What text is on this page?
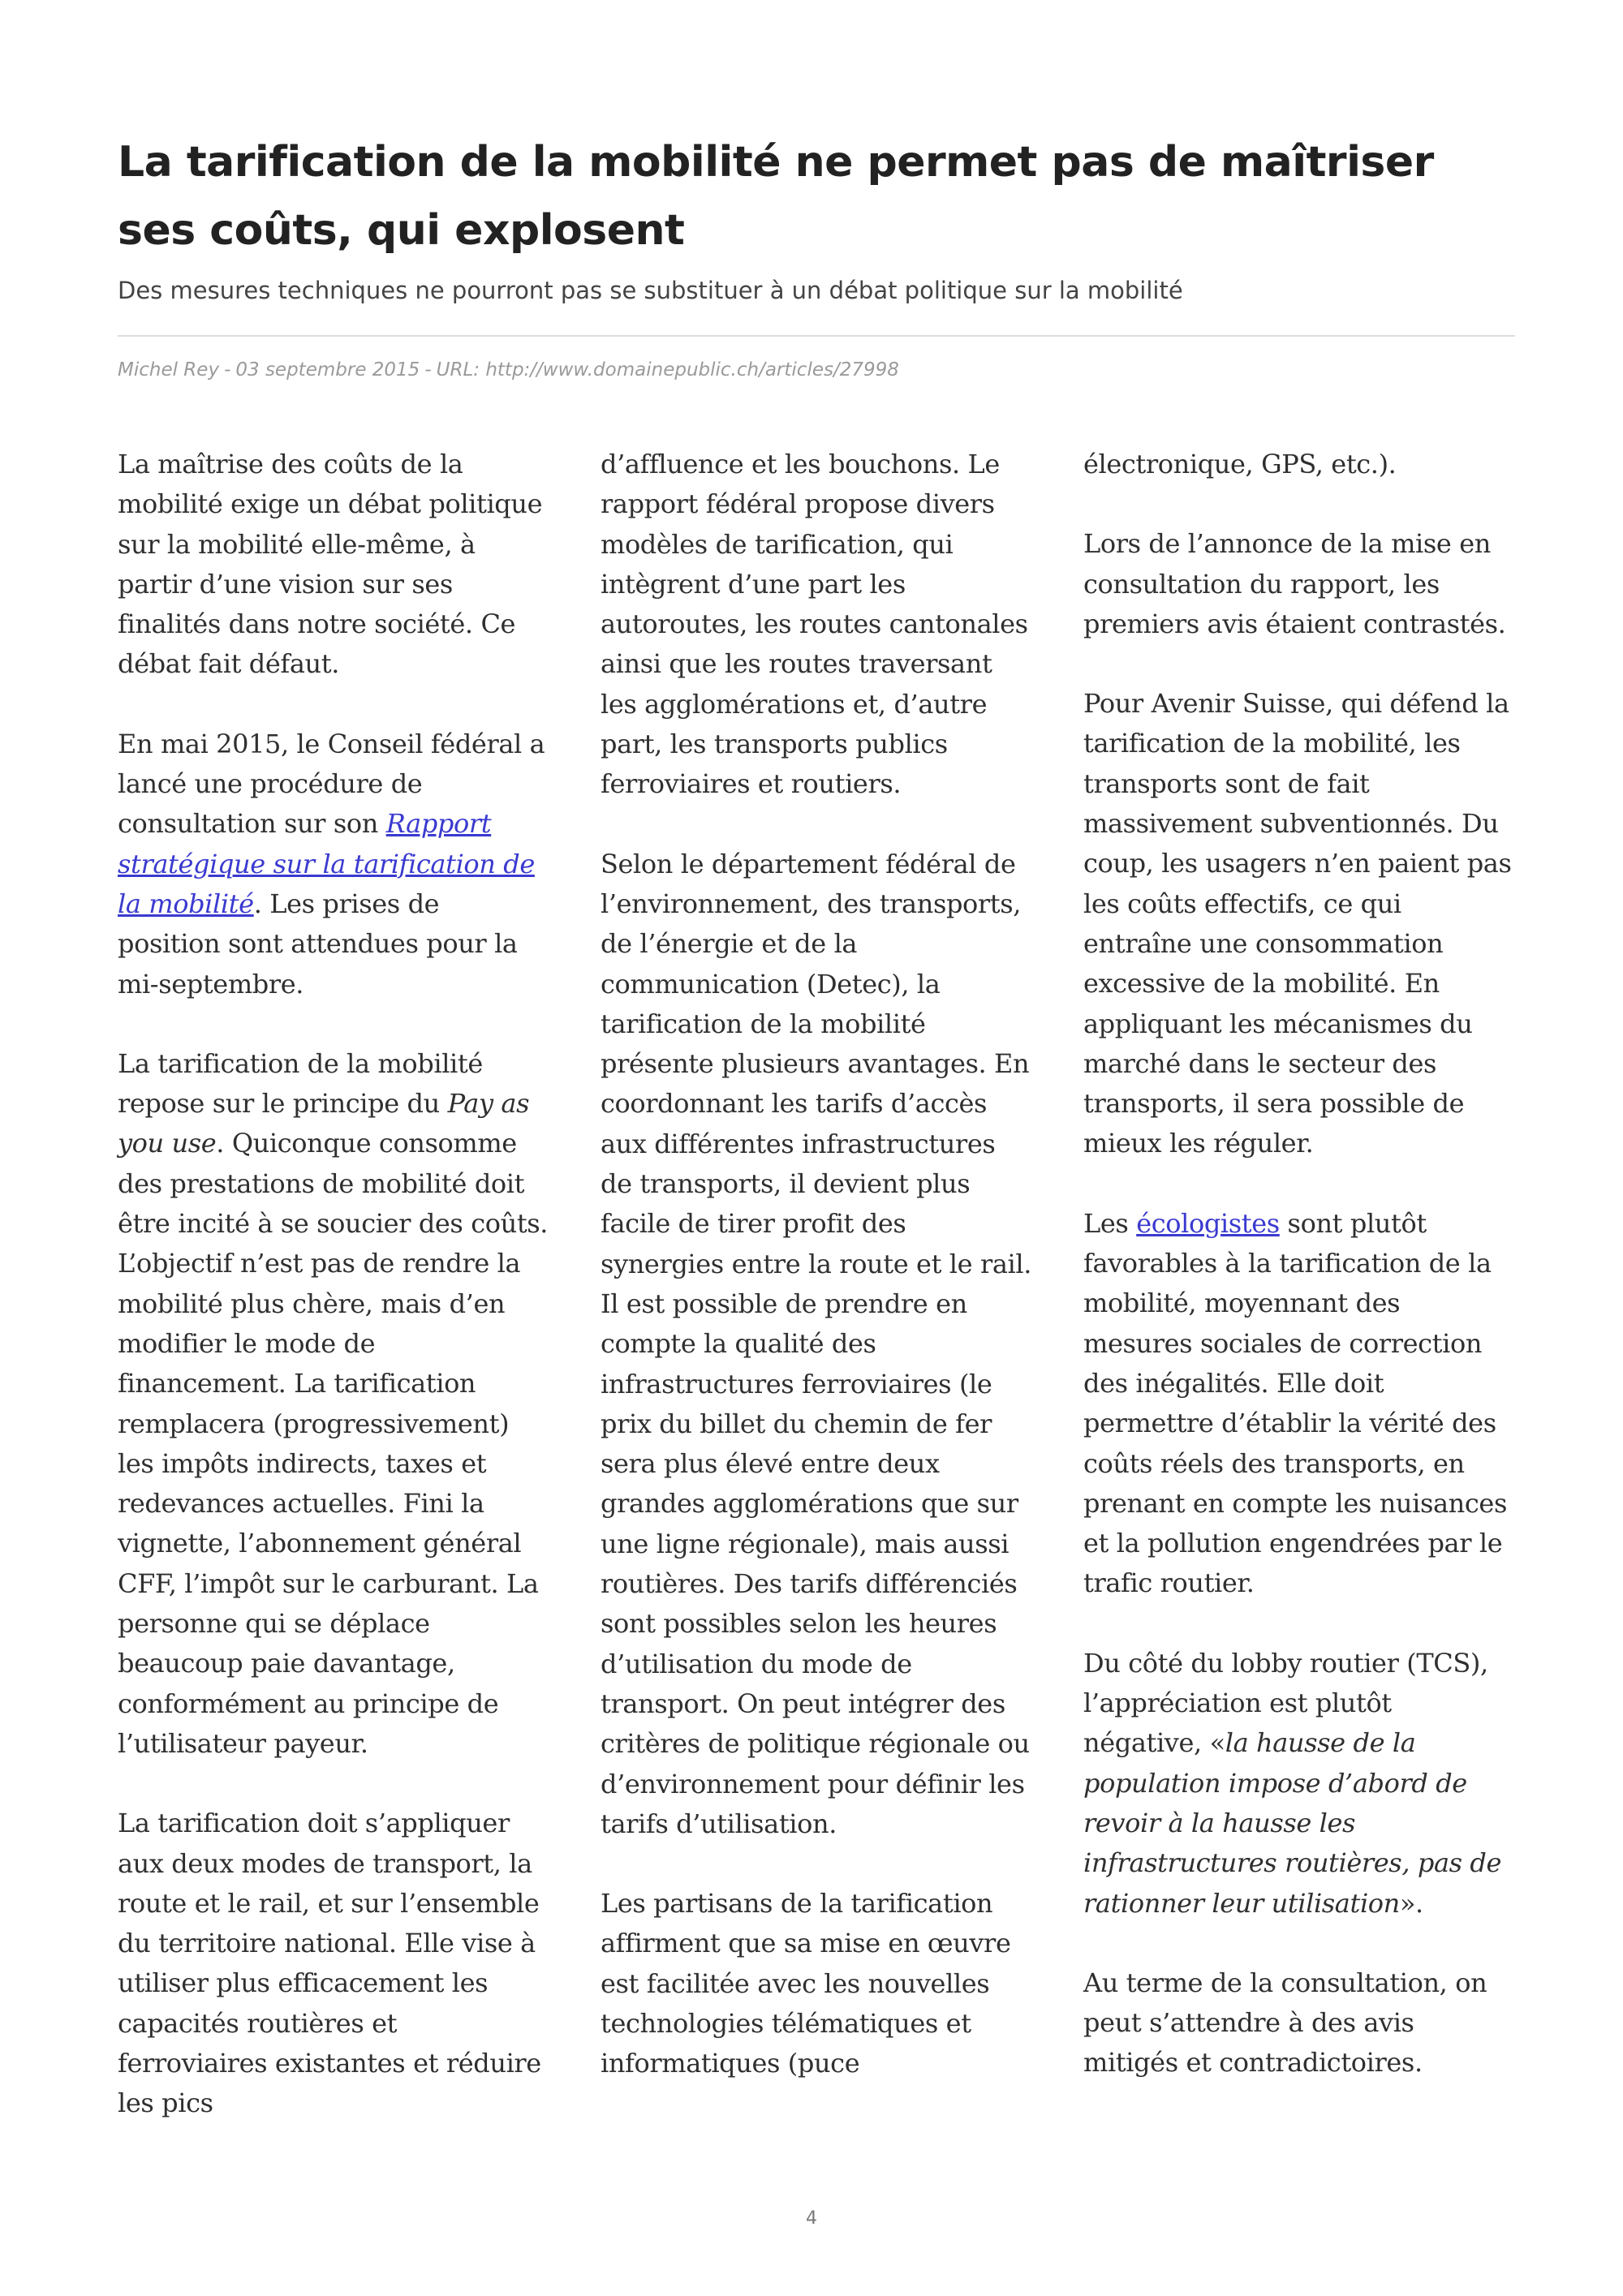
La tarification de la mobilité ne permet pas de maîtriser ses coûts, qui explosent
Des mesures techniques ne pourront pas se substituer à un débat politique sur la mobilité
Michel Rey - 03 septembre 2015 - URL: http://www.domainepublic.ch/articles/27998

La maîtrise des coûts de la mobilité exige un débat politique sur la mobilité elle-même, à partir d’une vision sur ses finalités dans notre société. Ce débat fait défaut.

En mai 2015, le Conseil fédéral a lancé une procédure de consultation sur son Rapport stratégique sur la tarification de la mobilité. Les prises de position sont attendues pour la mi-septembre.

La tarification de la mobilité repose sur le principe du Pay as you use. Quiconque consomme des prestations de mobilité doit être incité à se soucier des coûts. L’objectif n’est pas de rendre la mobilité plus chère, mais d’en modifier le mode de financement. La tarification remplacera (progressivement) les impôts indirects, taxes et redevances actuelles. Fini la vignette, l’abonnement général CFF, l’impôt sur le carburant. La personne qui se déplace beaucoup paie davantage, conformément au principe de l’utilisateur payeur.

La tarification doit s’appliquer aux deux modes de transport, la route et le rail, et sur l’ensemble du territoire national. Elle vise à utiliser plus efficacement les capacités routières et ferroviaires existantes et réduire les pics

d’affluence et les bouchons. Le rapport fédéral propose divers modèles de tarification, qui intègrent d’une part les autoroutes, les routes cantonales ainsi que les routes traversant les agglomérations et, d’autre part, les transports publics ferroviaires et routiers.

Selon le département fédéral de l’environnement, des transports, de l’énergie et de la communication (Detec), la tarification de la mobilité présente plusieurs avantages. En coordonnant les tarifs d’accès aux différentes infrastructures de transports, il devient plus facile de tirer profit des synergies entre la route et le rail. Il est possible de prendre en compte la qualité des infrastructures ferroviaires (le prix du billet du chemin de fer sera plus élevé entre deux grandes agglomérations que sur une ligne régionale), mais aussi routières. Des tarifs différenciés sont possibles selon les heures d’utilisation du mode de transport. On peut intégrer des critères de politique régionale ou d’environnement pour définir les tarifs d’utilisation.

Les partisans de la tarification affirment que sa mise en œuvre est facilitée avec les nouvelles technologies télématiques et informatiques (puce

électronique, GPS, etc.).

Lors de l’annonce de la mise en consultation du rapport, les premiers avis étaient contrastés.

Pour Avenir Suisse, qui défend la tarification de la mobilité, les transports sont de fait massivement subventionnés. Du coup, les usagers n’en paient pas les coûts effectifs, ce qui entraîne une consommation excessive de la mobilité. En appliquant les mécanismes du marché dans le secteur des transports, il sera possible de mieux les réguler.

Les écologistes sont plutôt favorables à la tarification de la mobilité, moyennant des mesures sociales de correction des inégalités. Elle doit permettre d’établir la vérité des coûts réels des transports, en prenant en compte les nuisances et la pollution engendrées par le trafic routier.

Du côté du lobby routier (TCS), l’appréciation est plutôt négative, «la hausse de la population impose d’abord de revoir à la hausse les infrastructures routières, pas de rationner leur utilisation».

Au terme de la consultation, on peut s’attendre à des avis mitigés et contradictoires.

4
